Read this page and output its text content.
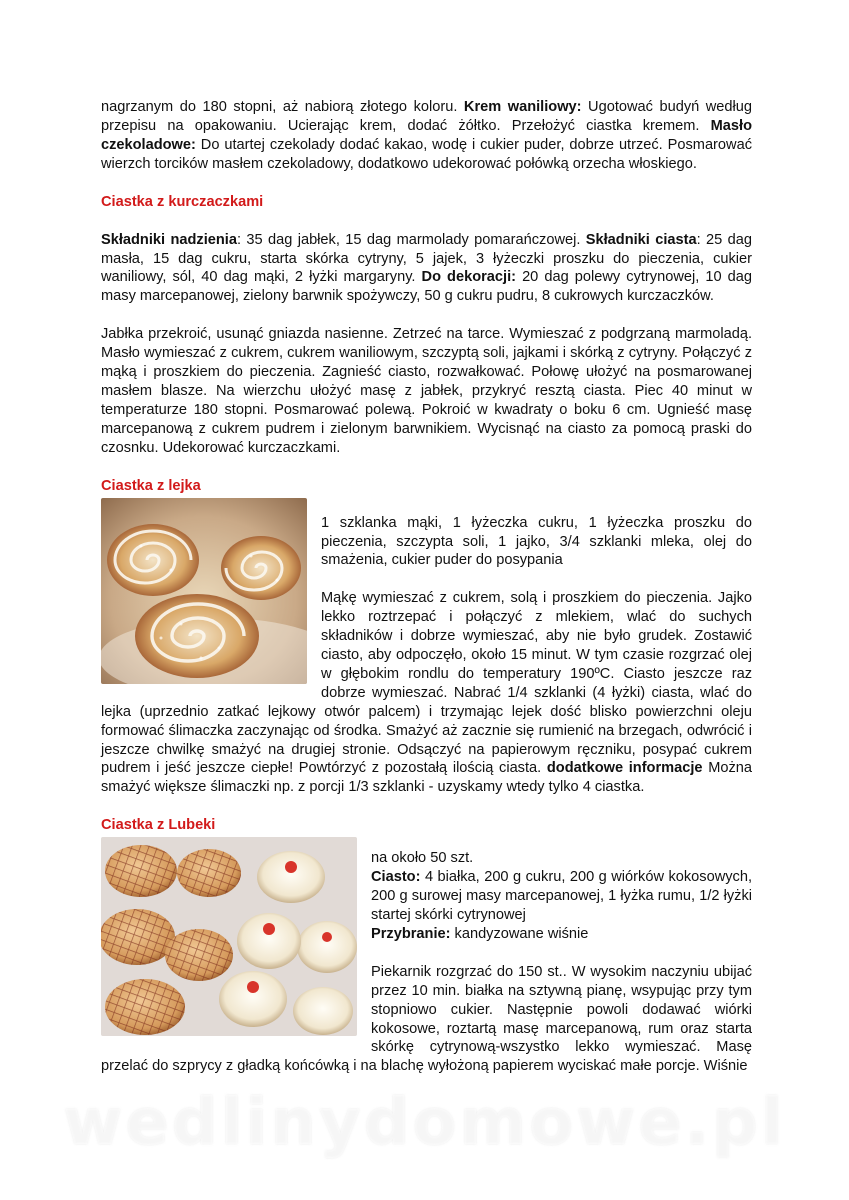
nagrzanym do 180 stopni, aż nabiorą złotego koloru. Krem waniliowy: Ugotować budyń według przepisu na opakowaniu. Ucierając krem, dodać żółtko. Przełożyć ciastka kremem. Masło czekoladowe: Do utartej czekolady dodać kakao, wodę i cukier puder, dobrze utrzeć. Posmarować wierzch torcików masłem czekoladowy, dodatkowo udekorować połówką orzecha włoskiego.

Ciastka z kurczaczkami

Składniki nadzienia: 35 dag jabłek, 15 dag marmolady pomarańczowej. Składniki ciasta: 25 dag masła, 15 dag cukru, starta skórka cytryny, 5 jajek, 3 łyżeczki proszku do pieczenia, cukier waniliowy, sól, 40 dag mąki, 2 łyżki margaryny. Do dekoracji: 20 dag polewy cytrynowej, 10 dag masy marcepanowej, zielony barwnik spożywczy, 50 g cukru pudru, 8 cukrowych kurczaczków.

Jabłka przekroić, usunąć gniazda nasienne. Zetrzeć na tarce. Wymieszać z podgrzaną marmoladą. Masło wymieszać z cukrem, cukrem waniliowym, szczyptą soli, jajkami i skórką z cytryny. Połączyć z mąką i proszkiem do pieczenia. Zagnieść ciasto, rozwałkować. Połowę ułożyć na posmarowanej masłem blasze. Na wierzchu ułożyć masę z jabłek, przykryć resztą ciasta. Piec 40 minut w temperaturze 180 stopni. Posmarować polewą. Pokroić w kwadraty o boku 6 cm. Ugnieść masę marcepanową z cukrem pudrem i zielonym barwnikiem. Wycisnąć na ciasto za pomocą praski do czosnku. Udekorować kurczaczkami.

Ciastka z lejka

1 szklanka mąki, 1 łyżeczka cukru, 1 łyżeczka proszku do pieczenia, szczypta soli, 1 jajko, 3/4 szklanki mleka, olej do smażenia, cukier puder do posypania

Mąkę wymieszać z cukrem, solą i proszkiem do pieczenia. Jajko lekko roztrzepać i połączyć z mlekiem, wlać do suchych składników i dobrze wymieszać, aby nie było grudek. Zostawić ciasto, aby odpoczęło, około 15 minut. W tym czasie rozgrzać olej w głębokim rondlu do temperatury 190ºC. Ciasto jeszcze raz dobrze wymieszać. Nabrać 1/4 szklanki (4 łyżki) ciasta, wlać do lejka (uprzednio zatkać lejkowy otwór palcem) i trzymając lejek dość blisko powierzchni oleju formować ślimaczka zaczynając od środka. Smażyć aż zacznie się rumienić na brzegach, odwrócić i jeszcze chwilkę smażyć na drugiej stronie. Odsączyć na papierowym ręczniku, posypać cukrem pudrem i jeść jeszcze ciepłe! Powtórzyć z pozostałą ilością ciasta. dodatkowe informacje Można smażyć większe ślimaczki np. z porcji 1/3 szklanki - uzyskamy wtedy tylko 4 ciastka.

Ciastka z Lubeki

na około 50 szt.

Ciasto: 4 białka, 200 g cukru, 200 g wiórków kokosowych, 200 g surowej masy marcepanowej, 1 łyżka rumu, 1/2 łyżki startej skórki cytrynowej
Przybranie: kandyzowane wiśnie

Piekarnik rozgrzać do 150 st.. W wysokim naczyniu ubijać przez 10 min. białka na sztywną pianę, wsypując przy tym stopniowo cukier. Następnie powoli dodawać wiórki kokosowe, roztartą masę marcepanową, rum oraz starta skórkę cytrynową-wszystko lekko wymieszać. Masę przelać do szprycy z gładką końcówką i na blachę wyłożoną papierem wyciskać małe porcje. Wiśnie

wedlinydomowe.pl
